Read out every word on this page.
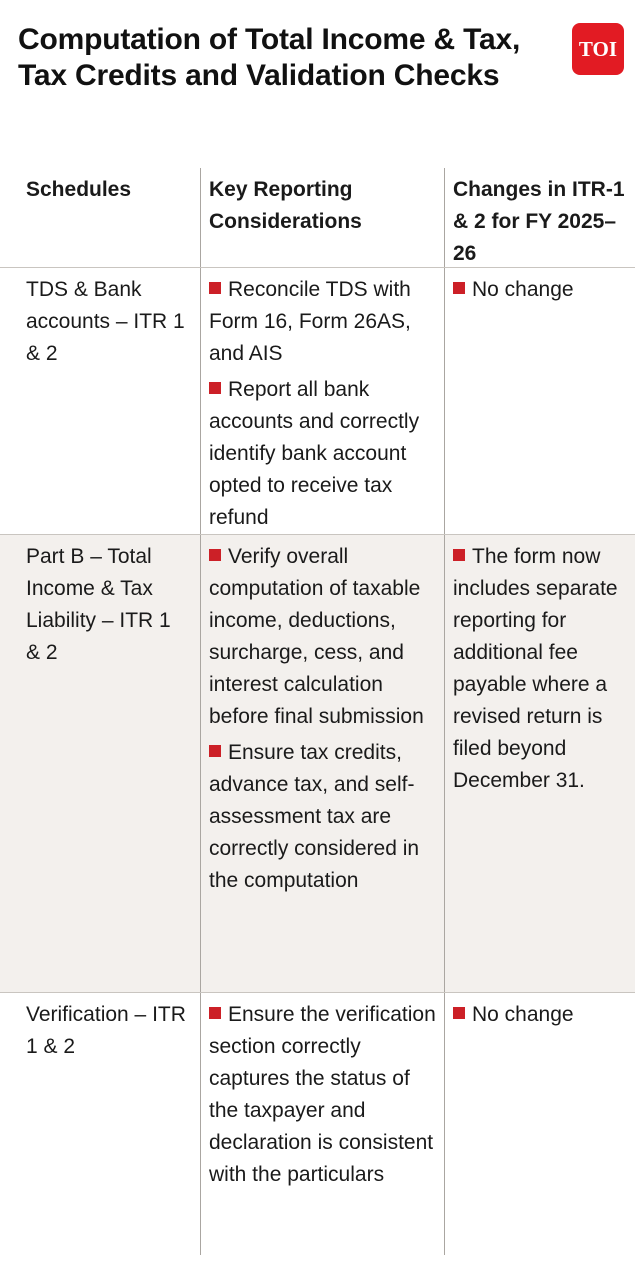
Computation of Total Income & Tax, Tax Credits and Validation Checks
TOI
Schedules	Key Reporting Considerations
Changes in ITR-1 & 2 for FY 2025–26
TDS & Bank accounts – ITR 1 & 2
Reconcile TDS with Form 16, Form 26AS, and AIS
Report all bank accounts and correctly identify bank account opted to receive tax refund
No change
Part B – Total Income & Tax Liability – ITR 1 & 2
Verify overall computation of taxable income, deductions, surcharge, cess, and interest calculation before final submission
Ensure tax credits, advance tax, and self-assessment tax are correctly considered in the computation
The form now includes separate reporting for additional fee payable where a revised return is filed beyond December 31.
Verification – ITR 1 & 2
Ensure the verification section correctly captures the status of the taxpayer and declaration is consistent with the particulars
No change
